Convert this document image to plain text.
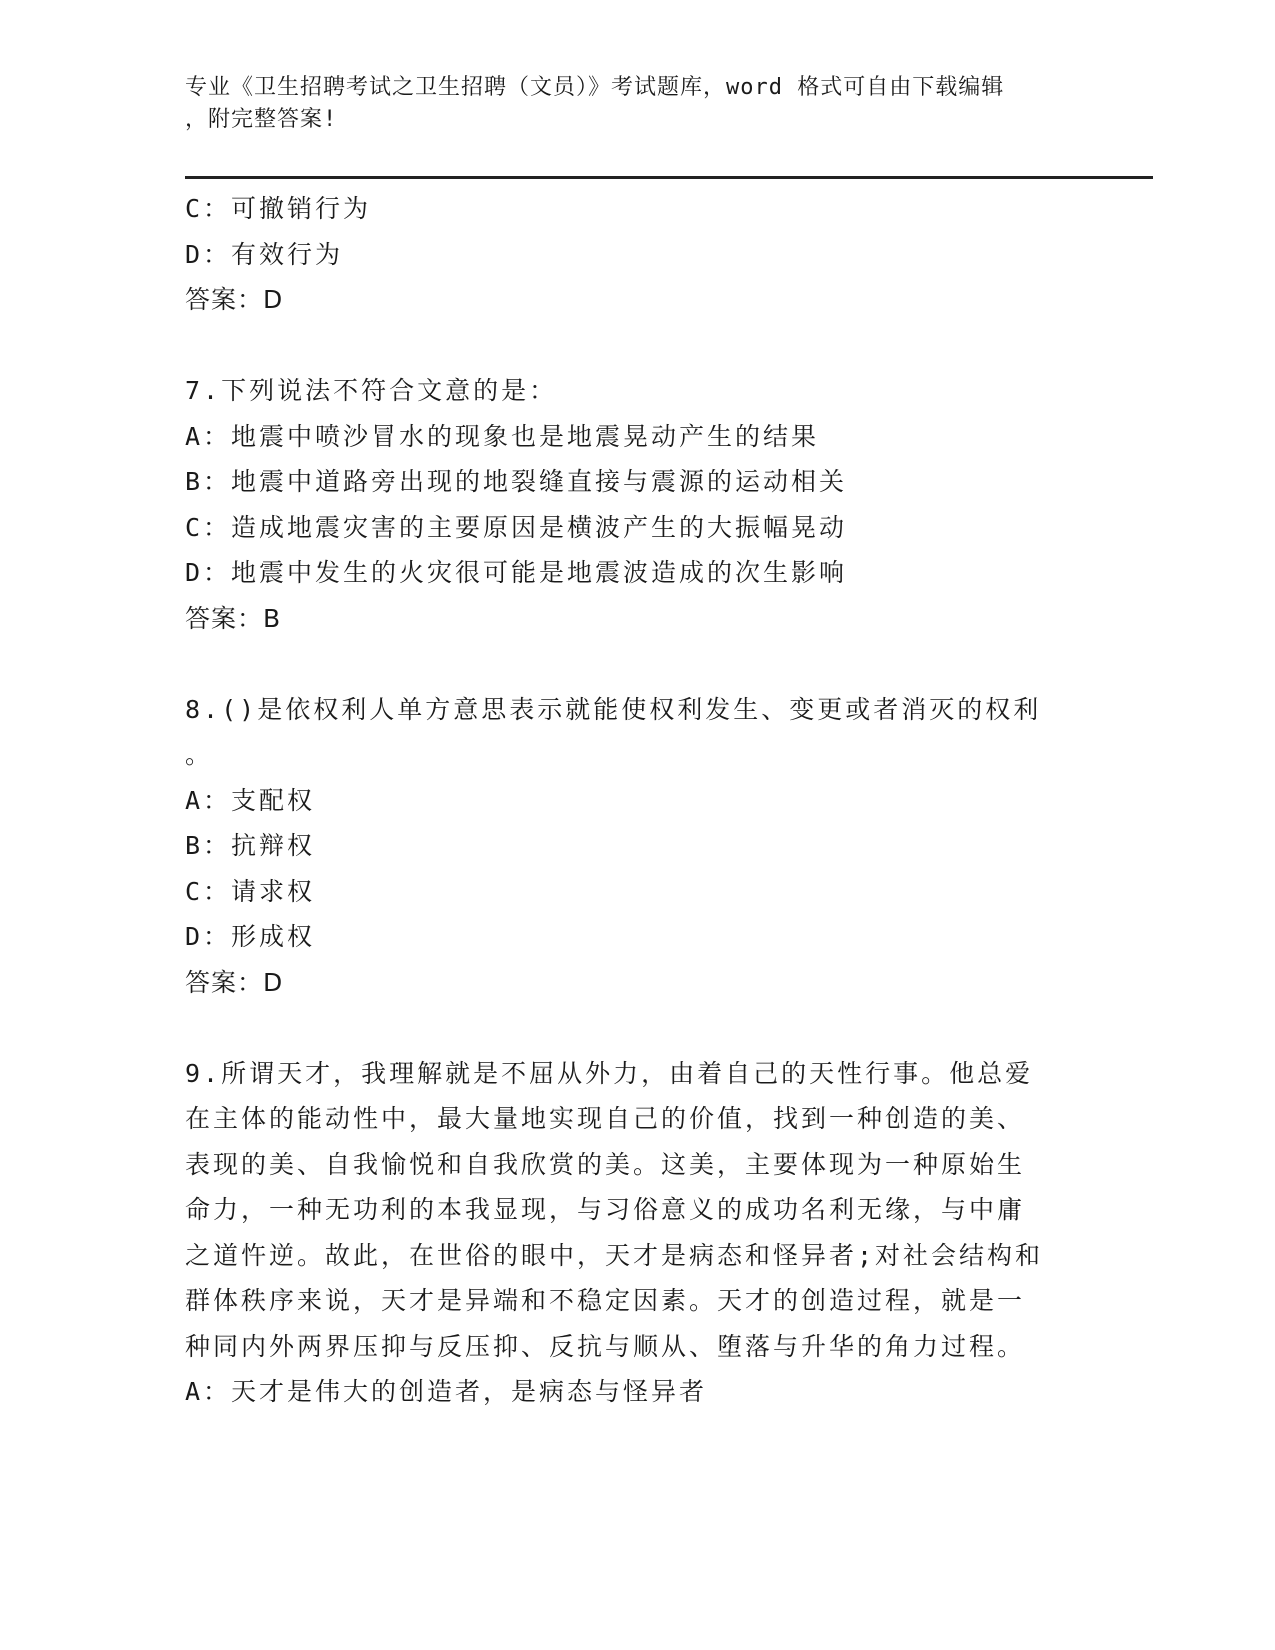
专业《卫生招聘考试之卫生招聘（文员）》考试题库，word 格式可自由下载编辑
，附完整答案!

C：可撤销行为

D：有效行为

答案：D

7.下列说法不符合文意的是：

A：地震中喷沙冒水的现象也是地震晃动产生的结果

B：地震中道路旁出现的地裂缝直接与震源的运动相关

C：造成地震灾害的主要原因是横波产生的大振幅晃动

D：地震中发生的火灾很可能是地震波造成的次生影响

答案：B

8.()是依权利人单方意思表示就能使权利发生、变更或者消灭的权利

。

A：支配权

B：抗辩权

C：请求权

D：形成权

答案：D

9.所谓天才，我理解就是不屈从外力，由着自己的天性行事。他总爱

在主体的能动性中，最大量地实现自己的价值，找到一种创造的美、

表现的美、自我愉悦和自我欣赏的美。这美，主要体现为一种原始生

命力，一种无功利的本我显现，与习俗意义的成功名利无缘，与中庸

之道忤逆。故此，在世俗的眼中，天才是病态和怪异者;对社会结构和

群体秩序来说，天才是异端和不稳定因素。天才的创造过程，就是一

种同内外两界压抑与反压抑、反抗与顺从、堕落与升华的角力过程。

A：天才是伟大的创造者，是病态与怪异者
